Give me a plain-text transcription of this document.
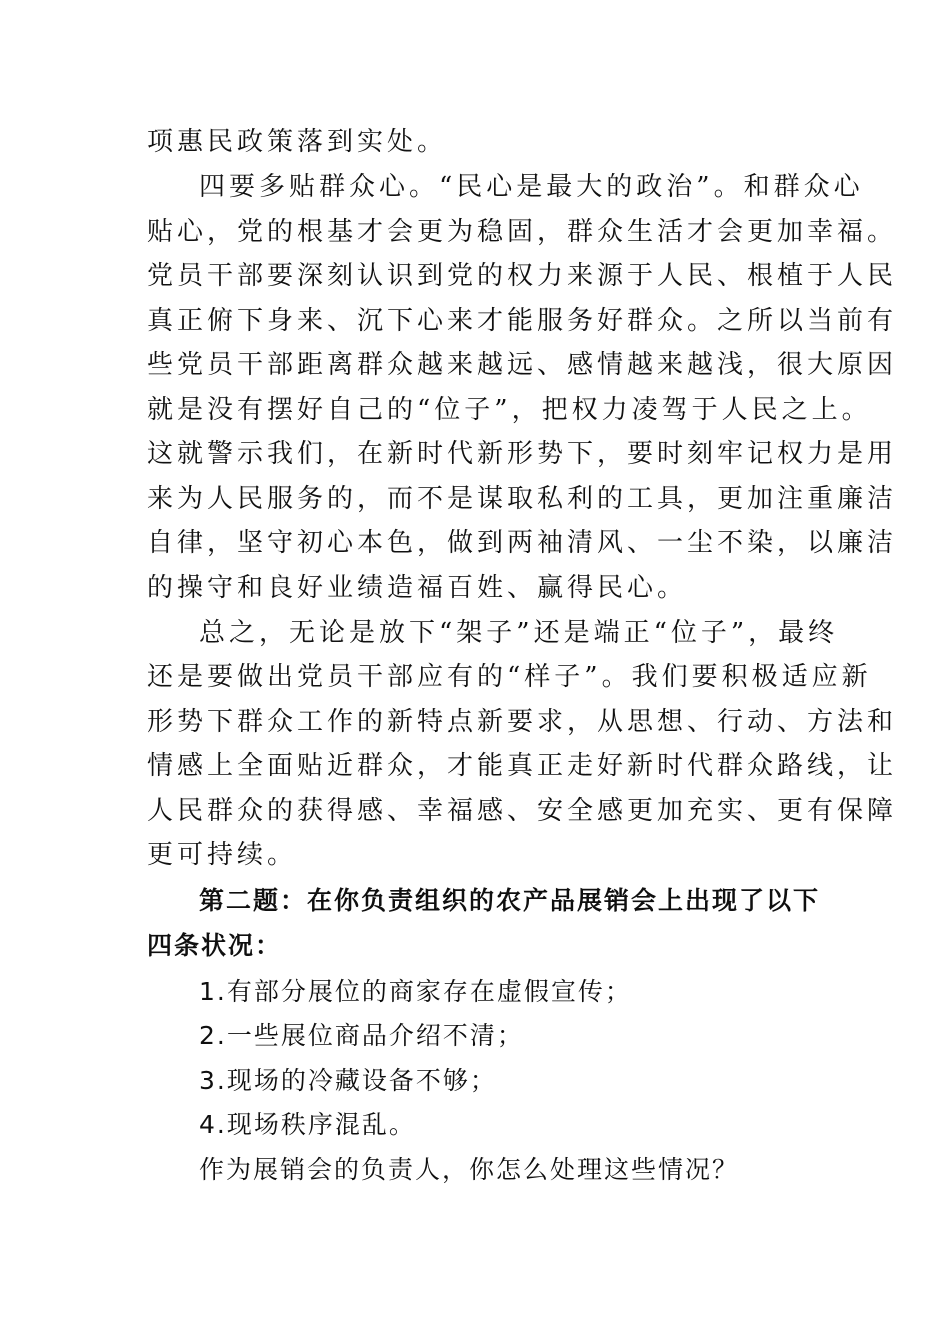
项惠民政策落到实处。

四要多贴群众心。“民心是最大的政治”。和群众心

贴心，党的根基才会更为稳固，群众生活才会更加幸福。

党员干部要深刻认识到党的权力来源于人民、根植于人民

真正俯下身来、沉下心来才能服务好群众。之所以当前有

些党员干部距离群众越来越远、感情越来越浅，很大原因

就是没有摆好自己的“位子”，把权力凌驾于人民之上。

这就警示我们，在新时代新形势下，要时刻牢记权力是用

来为人民服务的，而不是谋取私利的工具，更加注重廉洁

自律，坚守初心本色，做到两袖清风、一尘不染，以廉洁

的操守和良好业绩造福百姓、赢得民心。

总之，无论是放下“架子”还是端正“位子”，最终

还是要做出党员干部应有的“样子”。我们要积极适应新

形势下群众工作的新特点新要求，从思想、行动、方法和

情感上全面贴近群众，才能真正走好新时代群众路线，让

人民群众的获得感、幸福感、安全感更加充实、更有保障

更可持续。

第二题：在你负责组织的农产品展销会上出现了以下

四条状况：

1.有部分展位的商家存在虚假宣传；

2.一些展位商品介绍不清；

3.现场的冷藏设备不够；

4.现场秩序混乱。

作为展销会的负责人，你怎么处理这些情况？
